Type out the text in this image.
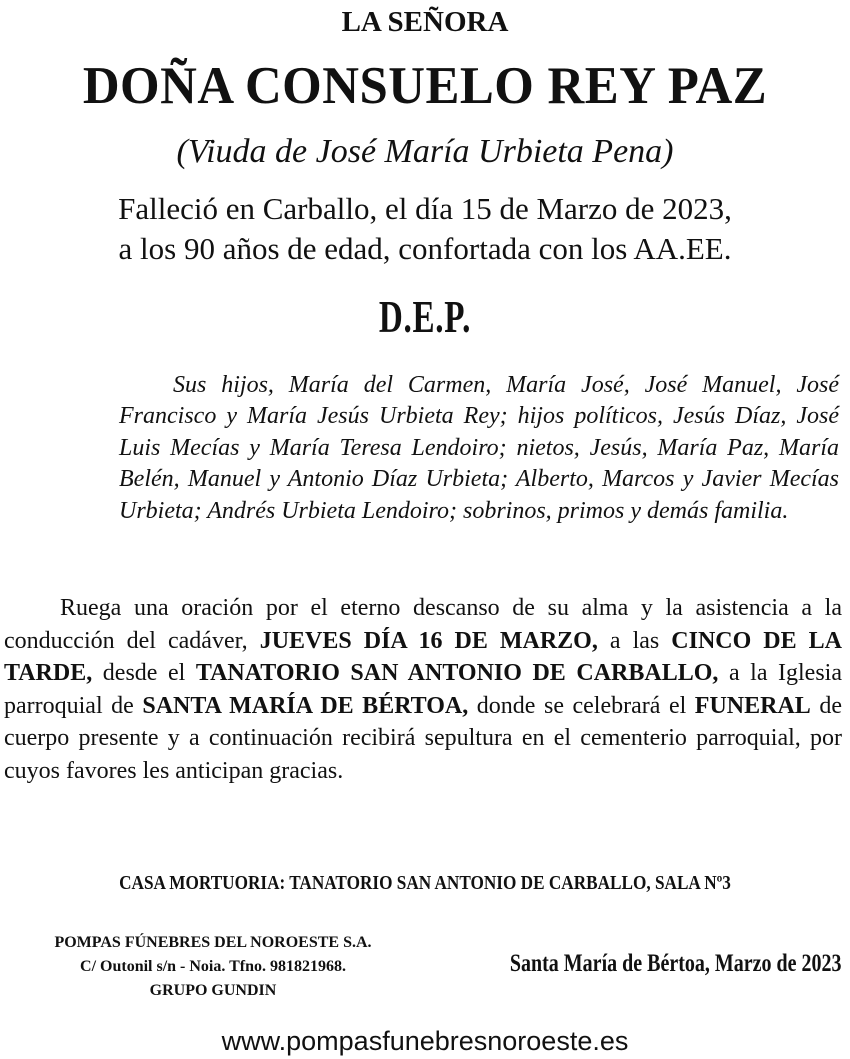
LA SEÑORA
DOÑA CONSUELO REY PAZ
(Viuda de José María Urbieta Pena)
Falleció en Carballo, el día 15 de Marzo de 2023,
a los 90 años de edad, confortada con los AA.EE.
D.E.P.
Sus hijos, María del Carmen, María José, José Manuel, José Francisco y María Jesús Urbieta Rey; hijos políticos, Jesús Díaz, José Luis Mecías y María Teresa Lendoiro; nietos, Jesús, María Paz, María Belén, Manuel y Antonio Díaz Urbieta; Alberto, Marcos y Javier Mecías Urbieta; Andrés Urbieta Lendoiro; sobrinos, primos y demás familia.
Ruega una oración por el eterno descanso de su alma y la asistencia a la conducción del cadáver, JUEVES DÍA 16 DE MARZO, a las CINCO DE LA TARDE, desde el TANATORIO SAN ANTONIO DE CARBALLO, a la Iglesia parroquial de SANTA MARÍA DE BÉRTOA, donde se celebrará el FUNERAL de cuerpo presente y a continuación recibirá sepultura en el cementerio parroquial, por cuyos favores les anticipan gracias.
CASA MORTUORIA: TANATORIO SAN ANTONIO DE CARBALLO, SALA Nº3
POMPAS FÚNEBRES DEL NOROESTE S.A.
C/ Outonil s/n - Noia. Tfno. 981821968.
GRUPO GUNDIN
Santa María de Bértoa, Marzo de 2023
www.pompasfunebresnoroeste.es
